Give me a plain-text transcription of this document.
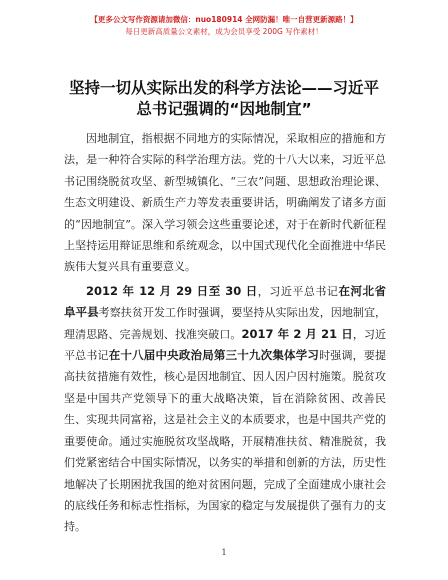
【更多公文写作资源请加微信：nuo180914 全网防漏！唯一自营更新源路！】
每日更新高质量公文素材，成为会员享受 200G 写作素材！
坚持一切从实际出发的科学方法论——习近平
总书记强调的“因地制宜”

因地制宜，指根据不同地方的实际情况，采取相应的措施和方法，是一种符合实际的科学治理方法。党的十八大以来，习近平总书记围绕脱贫攻坚、新型城镇化、“三农”问题、思想政治理论课、生态文明建设、新质生产力等发表重要讲话，明确阐发了诸多方面的“因地制宜”。深入学习领会这些重要论述，对于在新时代新征程上坚持运用辩证思维和系统观念，以中国式现代化全面推进中华民族伟大复兴具有重要意义。

2012 年 12 月 29 日至 30 日，习近平总书记在河北省阜平县考察扶贫开发工作时强调，要坚持从实际出发，因地制宜，理清思路、完善规划、找准突破口。2017 年 2 月 21 日，习近平总书记在十八届中央政治局第三十九次集体学习时强调，要提高扶贫措施有效性，核心是因地制宜、因人因户因村施策。脱贫攻坚是中国共产党领导下的重大战略决策，旨在消除贫困、改善民生、实现共同富裕，这是社会主义的本质要求，也是中国共产党的重要使命。通过实施脱贫攻坚战略，开展精准扶贫、精准脱贫，我们党紧密结合中国实际情况，以务实的举措和创新的方法，历史性地解决了长期困扰我国的绝对贫困问题，完成了全面建成小康社会的底线任务和标志性指标，为国家的稳定与发展提供了强有力的支持。

1
